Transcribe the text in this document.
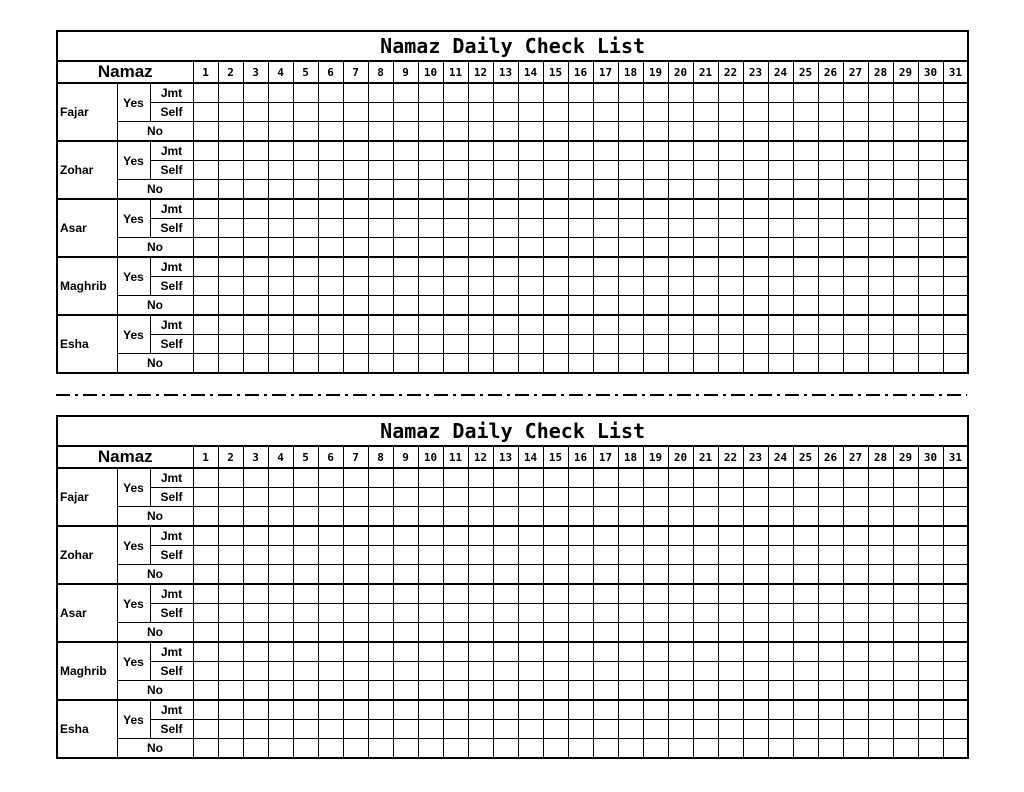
Namaz Daily Check List																																	
Namaz			1	2	3	4	5	6	7	8	9	10	11	12	13	14	15	16	17	18	19	20	21	22	23	24	25	26	27	28	29	30	31
Fajar	Yes	Jmt																															
		Self																															
	No																																
Zohar	Yes	Jmt																															
		Self																															
	No																																
Asar	Yes	Jmt																															
		Self																															
	No																																
Maghrib	Yes	Jmt																															
		Self																															
	No																																
Esha	Yes	Jmt																															
		Self																															
	No																																
Namaz Daily Check List																																	
Namaz			1	2	3	4	5	6	7	8	9	10	11	12	13	14	15	16	17	18	19	20	21	22	23	24	25	26	27	28	29	30	31
Fajar	Yes	Jmt																															
		Self																															
	No																																
Zohar	Yes	Jmt																															
		Self																															
	No																																
Asar	Yes	Jmt																															
		Self																															
	No																																
Maghrib	Yes	Jmt																															
		Self																															
	No																																
Esha	Yes	Jmt																															
		Self																															
	No																																
